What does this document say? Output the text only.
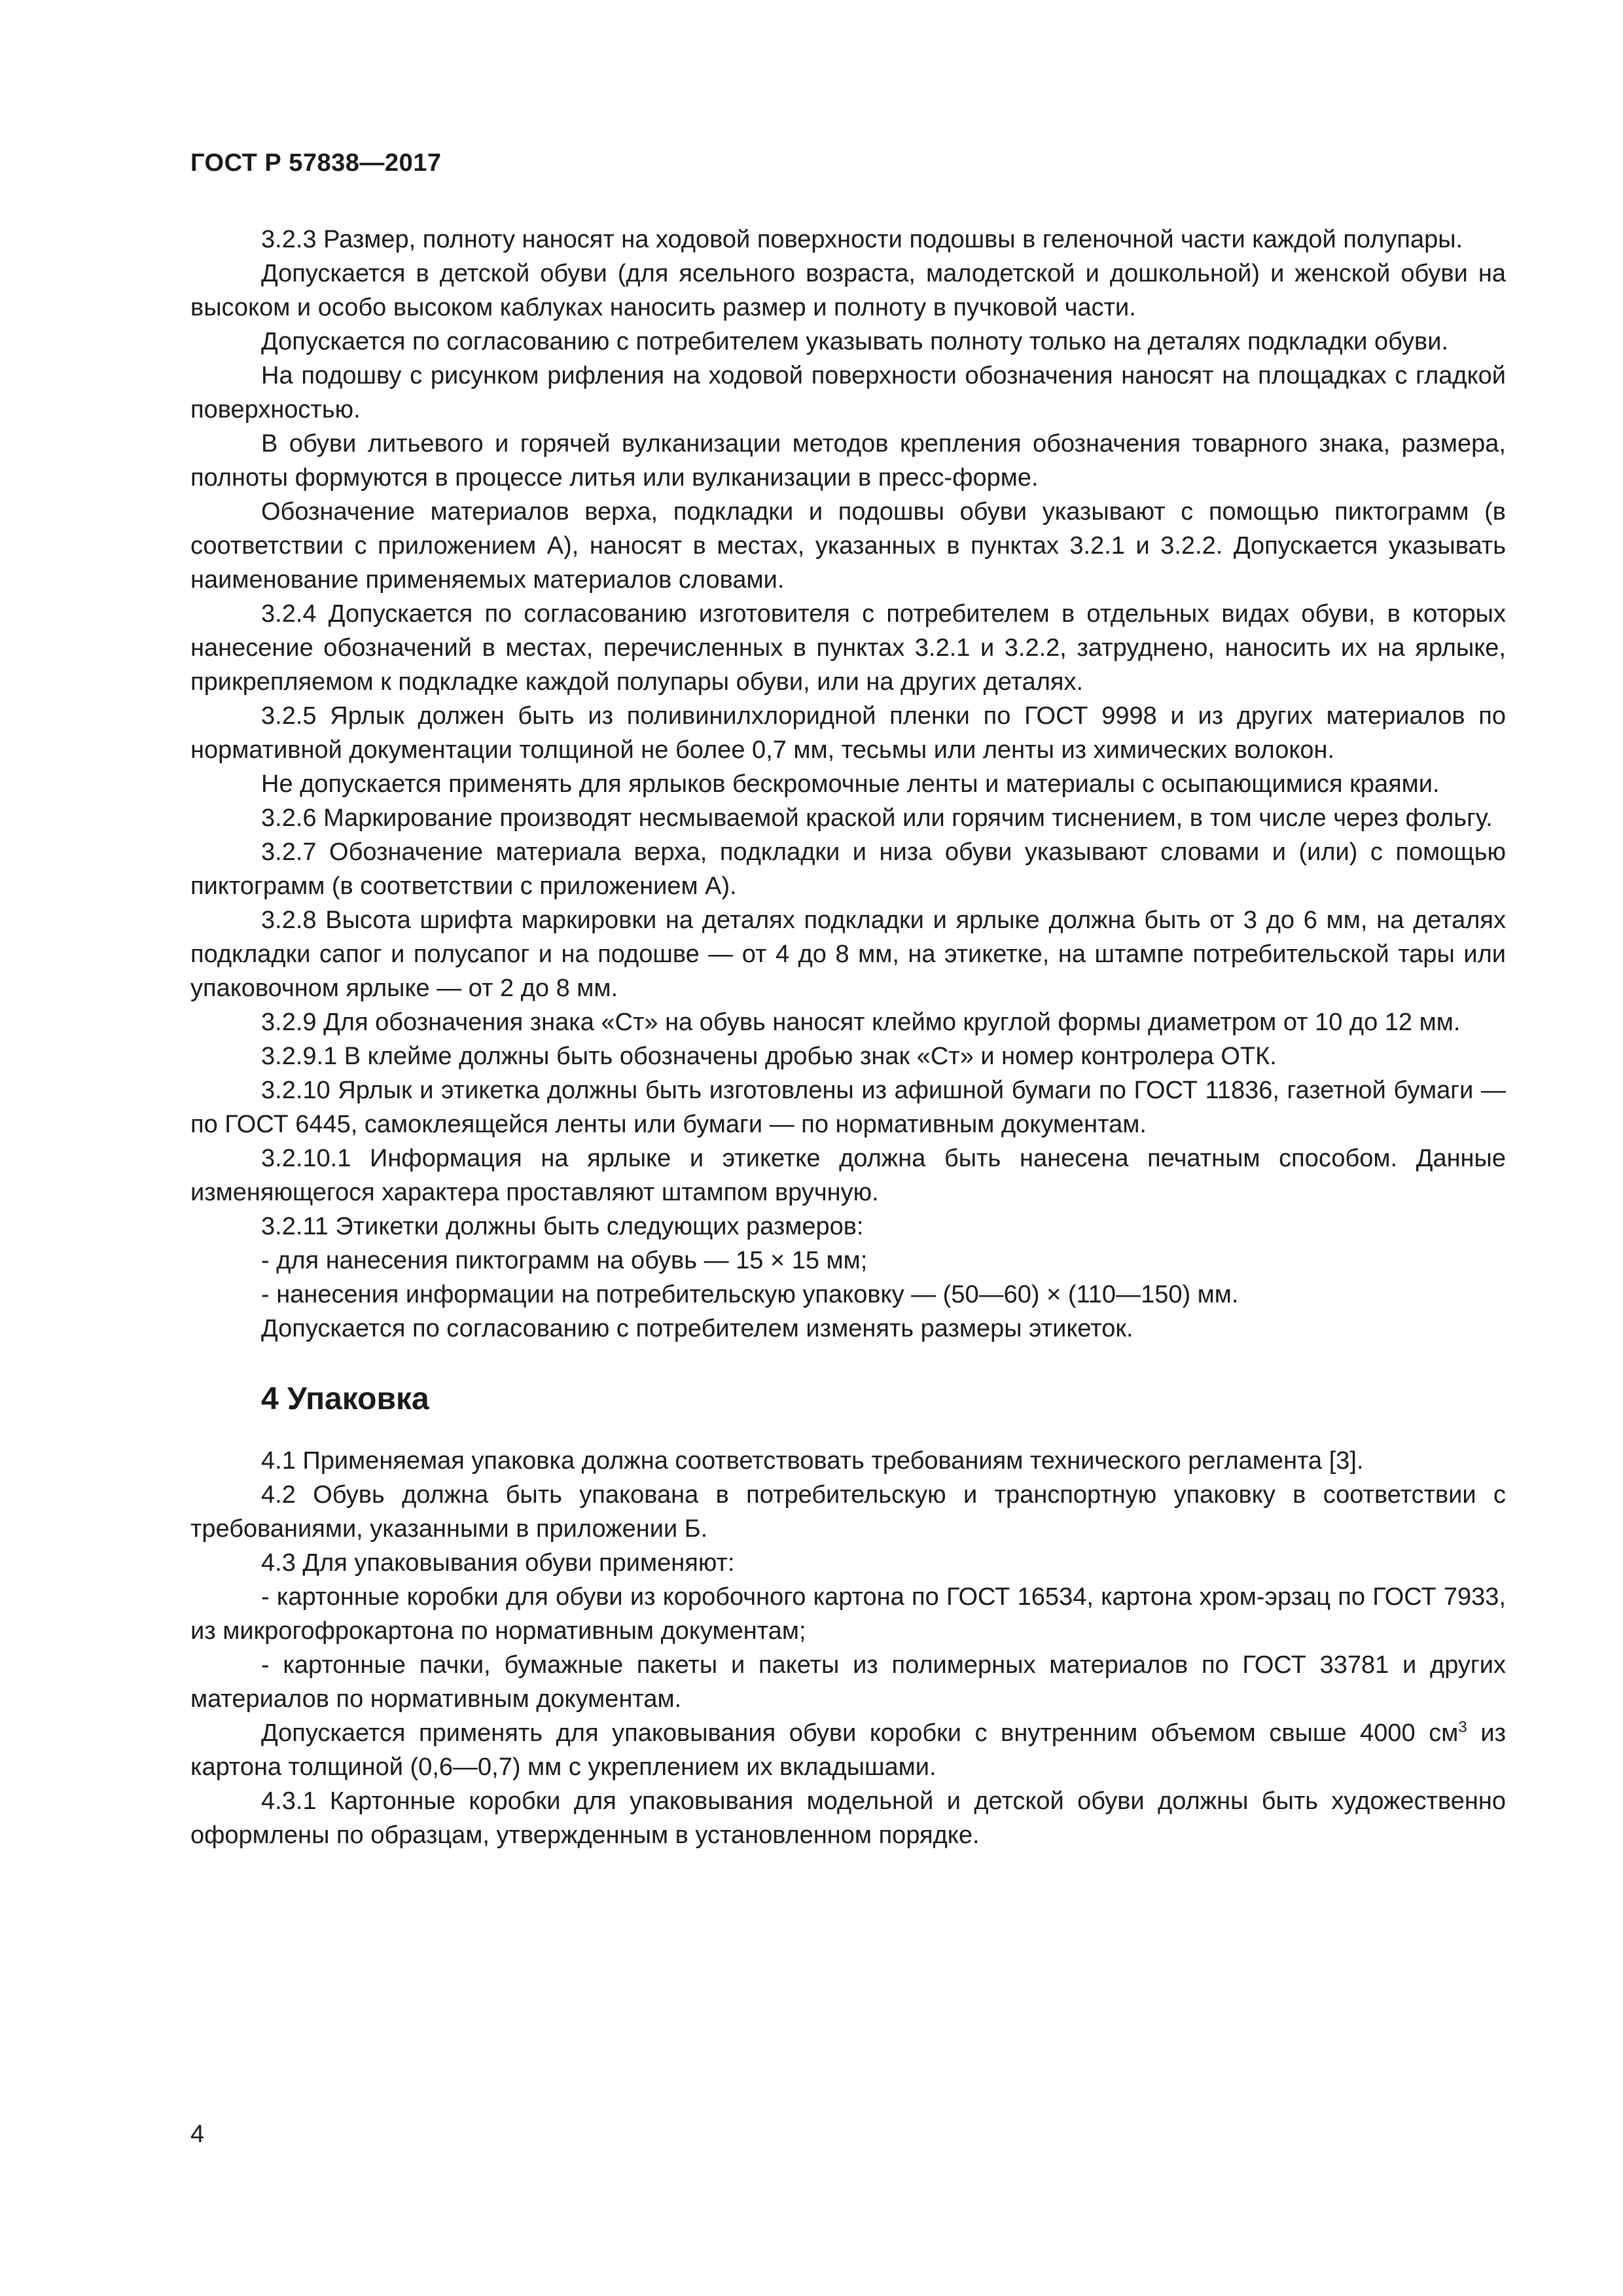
ГОСТ Р 57838—2017

3.2.3 Размер, полноту наносят на ходовой поверхности подошвы в геленочной части каждой полупары.

Допускается в детской обуви (для ясельного возраста, малодетской и дошкольной) и женской обуви на высоком и особо высоком каблуках наносить размер и полноту в пучковой части.

Допускается по согласованию с потребителем указывать полноту только на деталях подкладки обуви.

На подошву с рисунком рифления на ходовой поверхности обозначения наносят на площадках с гладкой поверхностью.

В обуви литьевого и горячей вулканизации методов крепления обозначения товарного знака, размера, полноты формуются в процессе литья или вулканизации в пресс-форме.

Обозначение материалов верха, подкладки и подошвы обуви указывают с помощью пиктограмм (в соответствии с приложением А), наносят в местах, указанных в пунктах 3.2.1 и 3.2.2. Допускается указывать наименование применяемых материалов словами.

3.2.4 Допускается по согласованию изготовителя с потребителем в отдельных видах обуви, в которых нанесение обозначений в местах, перечисленных в пунктах 3.2.1 и 3.2.2, затруднено, наносить их на ярлыке, прикрепляемом к подкладке каждой полупары обуви, или на других деталях.

3.2.5 Ярлык должен быть из поливинилхлоридной пленки по ГОСТ 9998 и из других материалов по нормативной документации толщиной не более 0,7 мм, тесьмы или ленты из химических волокон.

Не допускается применять для ярлыков бескромочные ленты и материалы с осыпающимися краями.

3.2.6 Маркирование производят несмываемой краской или горячим тиснением, в том числе через фольгу.

3.2.7 Обозначение материала верха, подкладки и низа обуви указывают словами и (или) с помощью пиктограмм (в соответствии с приложением А).

3.2.8 Высота шрифта маркировки на деталях подкладки и ярлыке должна быть от 3 до 6 мм, на деталях подкладки сапог и полусапог и на подошве — от 4 до 8 мм, на этикетке, на штампе потребительской тары или упаковочном ярлыке — от 2 до 8 мм.

3.2.9 Для обозначения знака «Ст» на обувь наносят клеймо круглой формы диаметром от 10 до 12 мм.

3.2.9.1 В клейме должны быть обозначены дробью знак «Ст» и номер контролера ОТК.

3.2.10 Ярлык и этикетка должны быть изготовлены из афишной бумаги по ГОСТ 11836, газетной бумаги — по ГОСТ 6445, самоклеящейся ленты или бумаги — по нормативным документам.

3.2.10.1 Информация на ярлыке и этикетке должна быть нанесена печатным способом. Данные изменяющегося характера проставляют штампом вручную.

3.2.11 Этикетки должны быть следующих размеров:

- для нанесения пиктограмм на обувь — 15 × 15 мм;

- нанесения информации на потребительскую упаковку — (50—60) × (110—150) мм.

Допускается по согласованию с потребителем изменять размеры этикеток.

4 Упаковка

4.1 Применяемая упаковка должна соответствовать требованиям технического регламента [3].

4.2 Обувь должна быть упакована в потребительскую и транспортную упаковку в соответствии с требованиями, указанными в приложении Б.

4.3 Для упаковывания обуви применяют:

- картонные коробки для обуви из коробочного картона по ГОСТ 16534, картона хром-эрзац по ГОСТ 7933, из микрогофрокартона по нормативным документам;

- картонные пачки, бумажные пакеты и пакеты из полимерных материалов по ГОСТ 33781 и других материалов по нормативным документам.

Допускается применять для упаковывания обуви коробки с внутренним объемом свыше 4000 $см^3$ из картона толщиной (0,6—0,7) мм с укреплением их вкладышами.

4.3.1 Картонные коробки для упаковывания модельной и детской обуви должны быть художественно оформлены по образцам, утвержденным в установленном порядке.

4
